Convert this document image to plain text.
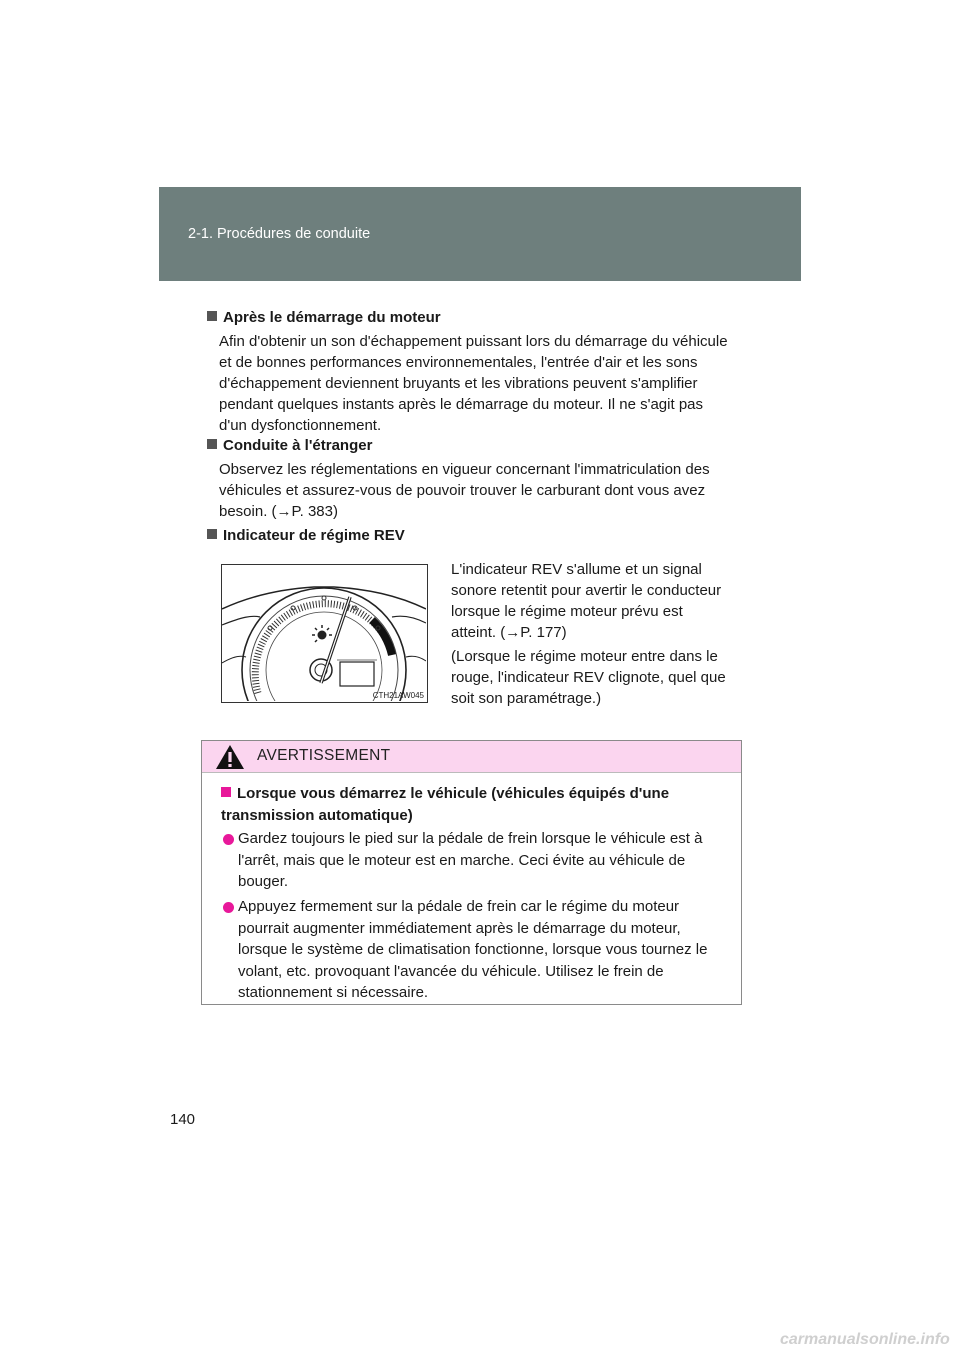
2-1. Procédures de conduite
Après le démarrage du moteur
Afin d'obtenir un son d'échappement puissant lors du démarrage du véhicule
et de bonnes performances environnementales, l'entrée d'air et les sons
d'échappement deviennent bruyants et les vibrations peuvent s'amplifier
pendant quelques instants après le démarrage du moteur. Il ne s'agit pas
d'un dysfonctionnement.
Conduite à l'étranger
Observez les réglementations en vigueur concernant l'immatriculation des
véhicules et assurez-vous de pouvoir trouver le carburant dont vous avez
besoin. (→P. 383)
Indicateur de régime REV
CTH21AW045
L'indicateur REV s'allume et un signal
sonore retentit pour avertir le conducteur
lorsque le régime moteur prévu est
atteint. (→P. 177)
(Lorsque le régime moteur entre dans le
rouge, l'indicateur REV clignote, quel que
soit son paramétrage.)
AVERTISSEMENT
Lorsque vous démarrez le véhicule (véhicules équipés d'une
transmission automatique)
Gardez toujours le pied sur la pédale de frein lorsque le véhicule est à
l'arrêt, mais que le moteur est en marche. Ceci évite au véhicule de
bouger.
Appuyez fermement sur la pédale de frein car le régime du moteur
pourrait augmenter immédiatement après le démarrage du moteur,
lorsque le système de climatisation fonctionne, lorsque vous tournez le
volant, etc. provoquant l'avancée du véhicule. Utilisez le frein de
stationnement si nécessaire.
140
carmanualsonline.info
